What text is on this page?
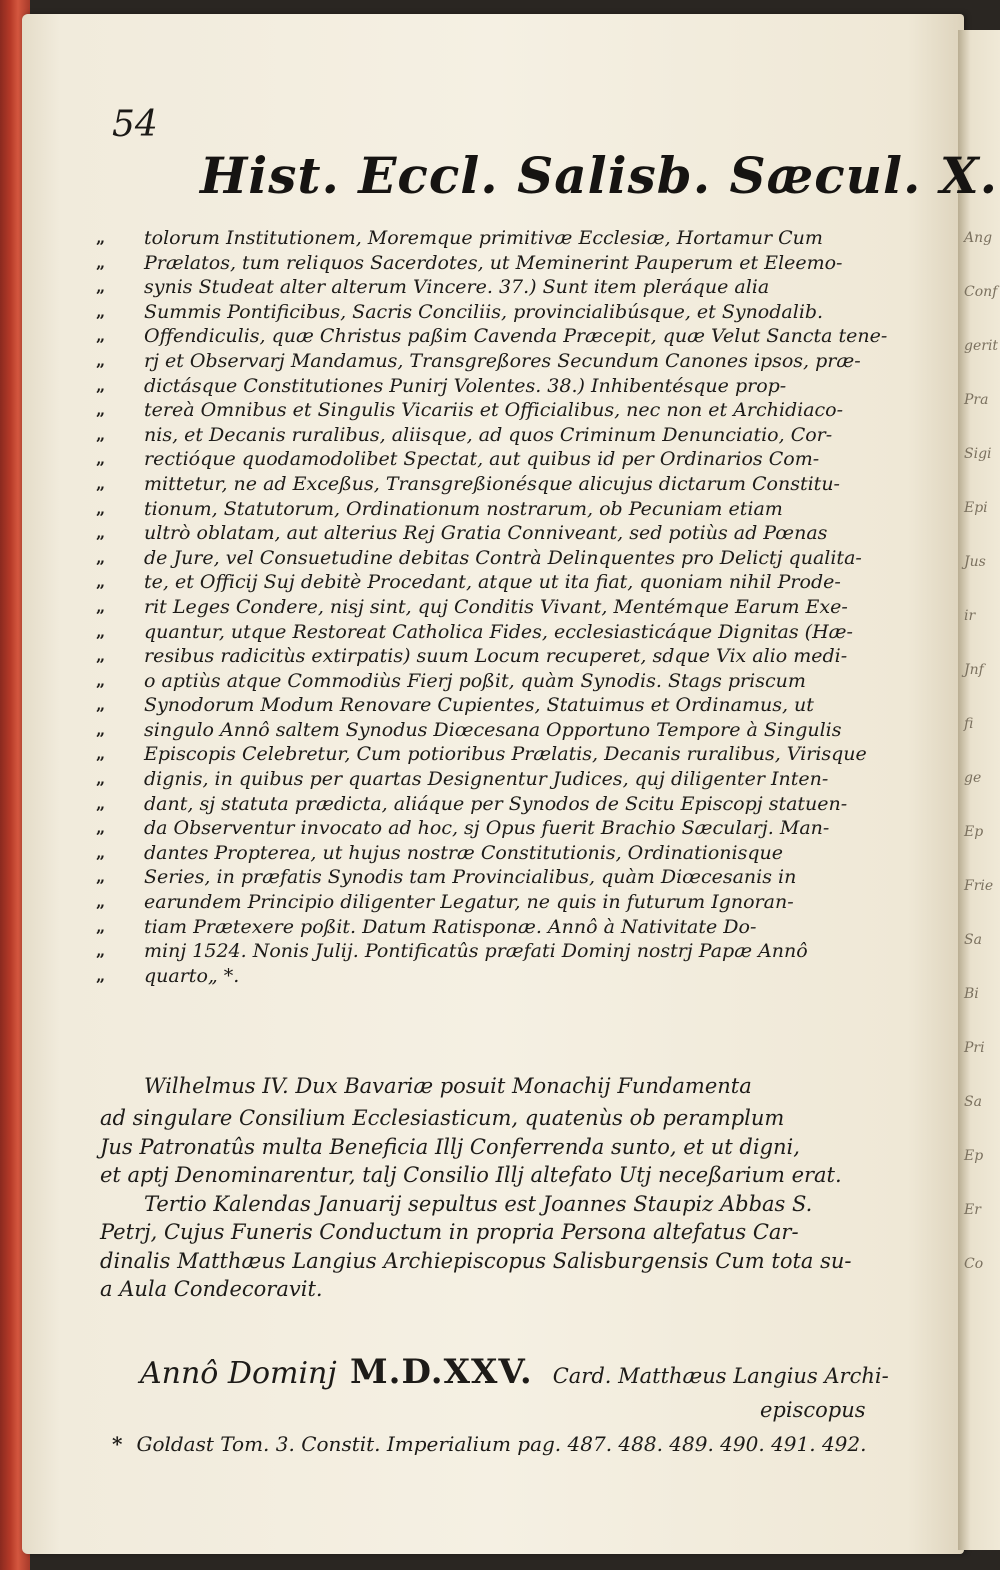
Ang
Conf
gerit
Pra
Sigi
Epi
Jus
ir
Jnf
fi
ge
Ep
Frie
Sa
Bi
Pri
Sa
Ep
Er
Co
54
Hist. Eccl. Salisb. Sæcul. X.
„	tolorum Institutionem, Moremque primitivæ Ecclesiæ, Hortamur Cum
„	Prælatos, tum reliquos Sacerdotes, ut Meminerint Pauperum et Eleemo-
„	synis Studeat alter alterum Vincere. 37.) Sunt item pleráque alia
„	Summis Pontificibus, Sacris Conciliis, provincialibúsque, et Synodalib.
„	Offendiculis, quæ Christus paßim Cavenda Præcepit, quæ Velut Sancta tene-
„	rj et Observarj Mandamus, Transgreßores Secundum Canones ipsos, præ-
„	dictásque Constitutiones Punirj Volentes. 38.) Inhibentésque prop-
„	tereà Omnibus et Singulis Vicariis et Officialibus, nec non et Archidiaco-
„	nis, et Decanis ruralibus, aliisque, ad quos Criminum Denunciatio, Cor-
„	rectióque quodamodolibet Spectat, aut quibus id per Ordinarios Com-
„	mittetur, ne ad Exceßus, Transgreßionésque alicujus dictarum Constitu-
„	tionum, Statutorum, Ordinationum nostrarum, ob Pecuniam etiam
„	ultrò oblatam, aut alterius Rej Gratia Conniveant, sed potiùs ad Pœnas
„	de Jure, vel Consuetudine debitas Contrà Delinquentes pro Delictj qualita-
„	te, et Officij Suj debitè Procedant, atque ut ita fiat, quoniam nihil Prode-
„	rit Leges Condere, nisj sint, quj Conditis Vivant, Mentémque Earum Exe-
„	quantur, utque Restoreat Catholica Fides, ecclesiasticáque Dignitas (Hæ-
„	resibus radicitùs extirpatis) suum Locum recuperet, sdque Vix alio medi-
„	o aptiùs atque Commodiùs Fierj poßit, quàm Synodis. Stags priscum
„	Synodorum Modum Renovare Cupientes, Statuimus et Ordinamus, ut
„	singulo Annô saltem Synodus Diœcesana Opportuno Tempore à Singulis
„	Episcopis Celebretur, Cum potioribus Prælatis, Decanis ruralibus, Virisque
„	dignis, in quibus per quartas Designentur Judices, quj diligenter Inten-
„	dant, sj statuta prædicta, aliáque per Synodos de Scitu Episcopj statuen-
„	da Observentur invocato ad hoc, sj Opus fuerit Brachio Sæcularj. Man-
„	dantes Propterea, ut hujus nostræ Constitutionis, Ordinationisque
„	Series, in præfatis Synodis tam Provincialibus, quàm Diœcesanis in
„	earundem Principio diligenter Legatur, ne quis in futurum Ignoran-
„	tiam Prætexere poßit. Datum Ratisponæ. Annô à Nativitate Do-
„	minj 1524. Nonis Julij. Pontificatûs præfati Dominj nostrj Papæ Annô
„	quarto„ *.
Wilhelmus IV. Dux Bavariæ posuit Monachij Fundamenta
ad singulare Consilium Ecclesiasticum, quatenùs ob peramplum
Jus Patronatûs multa Beneficia Illj Conferrenda sunto, et ut digni,
et aptj Denominarentur, talj Consilio Illj altefato Utj neceßarium erat.
Tertio Kalendas Januarij sepultus est Joannes Staupiz Abbas S.
Petrj, Cujus Funeris Conductum in propria Persona altefatus Car-
dinalis Matthæus Langius Archiepiscopus Salisburgensis Cum tota su-
a Aula Condecoravit.
Annô Dominj M.D.XXV. Card. Matthæus Langius Archi-
episcopus
* Goldast Tom. 3. Constit. Imperialium pag. 487. 488. 489. 490. 491. 492.
